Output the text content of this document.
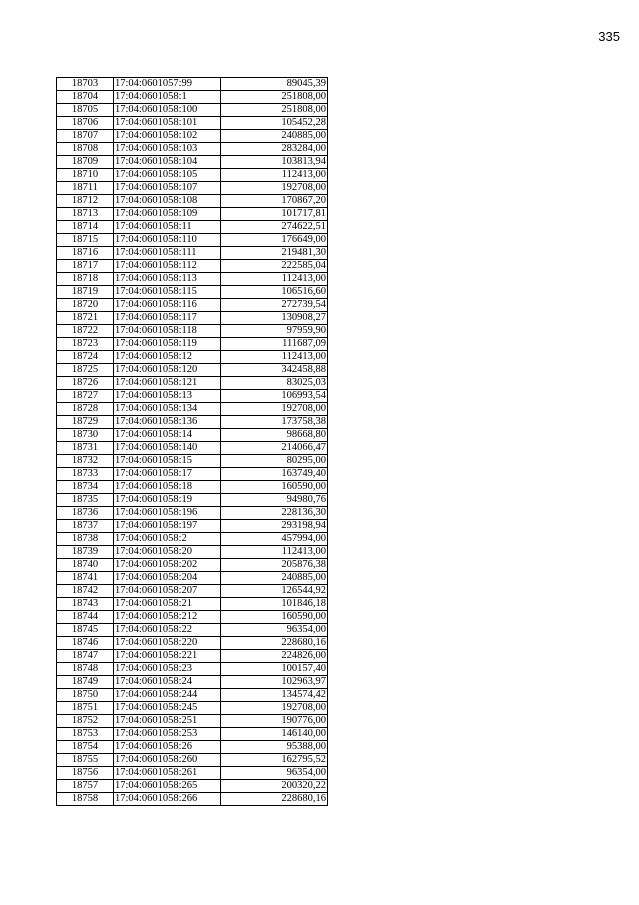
335
18703	17:04:0601057:99	89045,39
18704	17:04:0601058:1	251808,00
18705	17:04:0601058:100	251808,00
18706	17:04:0601058:101	105452,28
18707	17:04:0601058:102	240885,00
18708	17:04:0601058:103	283284,00
18709	17:04:0601058:104	103813,94
18710	17:04:0601058:105	112413,00
18711	17:04:0601058:107	192708,00
18712	17:04:0601058:108	170867,20
18713	17:04:0601058:109	101717,81
18714	17:04:0601058:11	274622,51
18715	17:04:0601058:110	176649,00
18716	17:04:0601058:111	219481,30
18717	17:04:0601058:112	222585,04
18718	17:04:0601058:113	112413,00
18719	17:04:0601058:115	106516,60
18720	17:04:0601058:116	272739,54
18721	17:04:0601058:117	130908,27
18722	17:04:0601058:118	97959,90
18723	17:04:0601058:119	111687,09
18724	17:04:0601058:12	112413,00
18725	17:04:0601058:120	342458,88
18726	17:04:0601058:121	83025,03
18727	17:04:0601058:13	106993,54
18728	17:04:0601058:134	192708,00
18729	17:04:0601058:136	173758,38
18730	17:04:0601058:14	98668,80
18731	17:04:0601058:140	214066,47
18732	17:04:0601058:15	80295,00
18733	17:04:0601058:17	163749,40
18734	17:04:0601058:18	160590,00
18735	17:04:0601058:19	94980,76
18736	17:04:0601058:196	228136,30
18737	17:04:0601058:197	293198,94
18738	17:04:0601058:2	457994,00
18739	17:04:0601058:20	112413,00
18740	17:04:0601058:202	205876,38
18741	17:04:0601058:204	240885,00
18742	17:04:0601058:207	126544,92
18743	17:04:0601058:21	101846,18
18744	17:04:0601058:212	160590,00
18745	17:04:0601058:22	96354,00
18746	17:04:0601058:220	228680,16
18747	17:04:0601058:221	224826,00
18748	17:04:0601058:23	100157,40
18749	17:04:0601058:24	102963,97
18750	17:04:0601058:244	134574,42
18751	17:04:0601058:245	192708,00
18752	17:04:0601058:251	190776,00
18753	17:04:0601058:253	146140,00
18754	17:04:0601058:26	95388,00
18755	17:04:0601058:260	162795,52
18756	17:04:0601058:261	96354,00
18757	17:04:0601058:265	200320,22
18758	17:04:0601058:266	228680,16
